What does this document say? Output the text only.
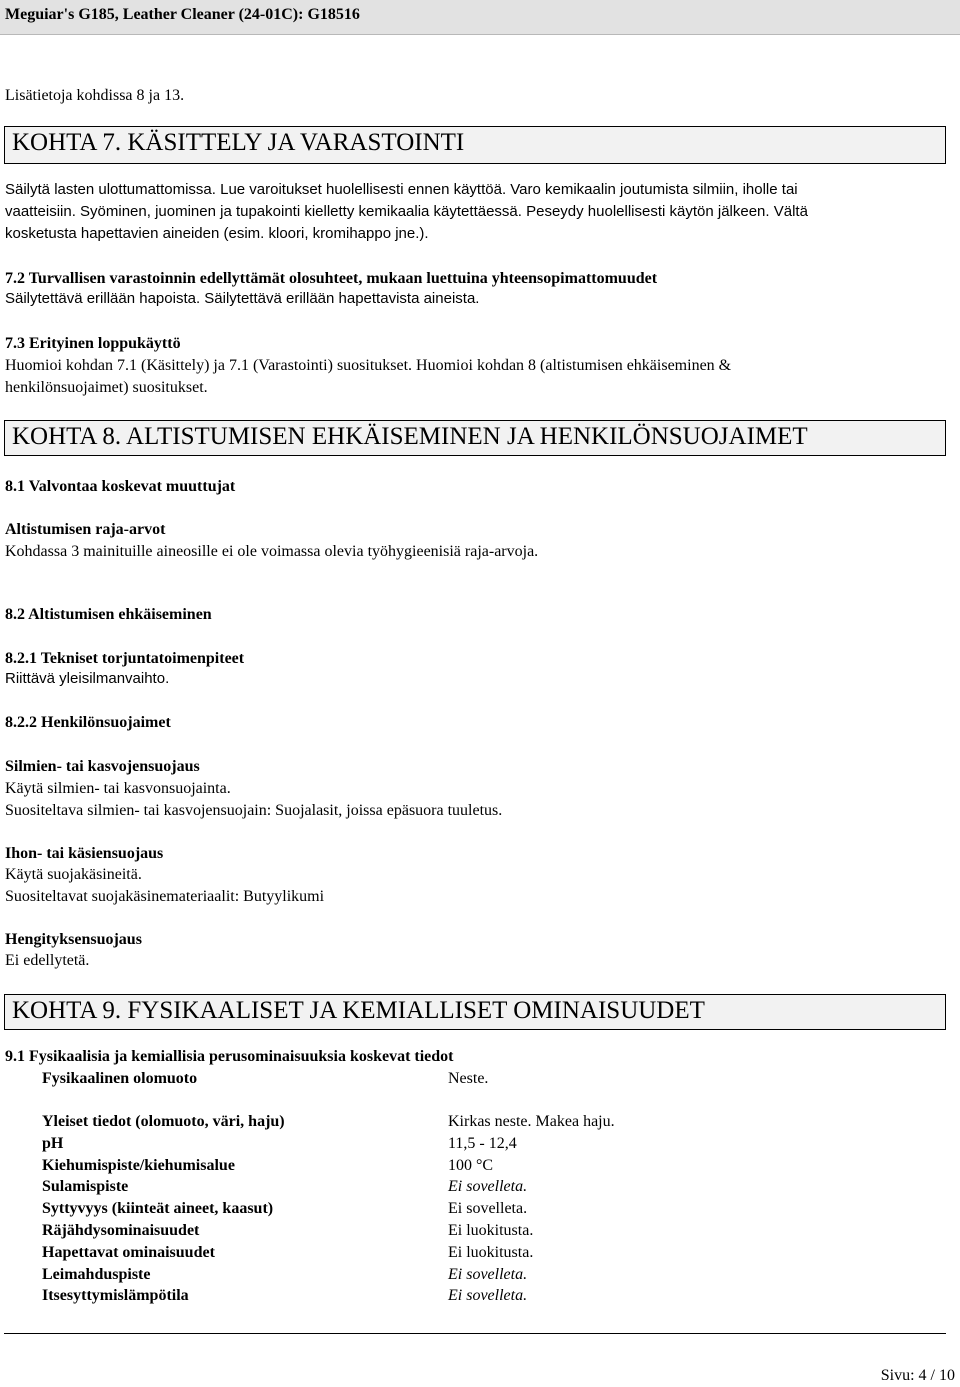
Meguiar's G185, Leather Cleaner (24-01C): G18516
Lisätietoja kohdissa 8 ja 13.
KOHTA 7. KÄSITTELY JA VARASTOINTI
Säilytä lasten ulottumattomissa. Lue varoitukset huolellisesti ennen käyttöä. Varo kemikaalin joutumista silmiin, iholle tai
vaatteisiin. Syöminen, juominen ja tupakointi kielletty kemikaalia käytettäessä. Peseydy huolellisesti käytön jälkeen. Vältä
kosketusta hapettavien aineiden (esim. kloori, kromihappo jne.).
7.2 Turvallisen varastoinnin edellyttämät olosuhteet, mukaan luettuina yhteensopimattomuudet
Säilytettävä erillään hapoista. Säilytettävä erillään hapettavista aineista.
7.3 Erityinen loppukäyttö
Huomioi kohdan 7.1 (Käsittely) ja 7.1 (Varastointi) suositukset. Huomioi kohdan 8 (altistumisen ehkäiseminen &
henkilönsuojaimet) suositukset.
KOHTA 8. ALTISTUMISEN EHKÄISEMINEN JA HENKILÖNSUOJAIMET
8.1 Valvontaa koskevat muuttujat
Altistumisen raja-arvot
Kohdassa 3 mainituille aineosille ei ole voimassa olevia työhygieenisiä raja-arvoja.
8.2 Altistumisen ehkäiseminen
8.2.1 Tekniset torjuntatoimenpiteet
Riittävä yleisilmanvaihto.
8.2.2 Henkilönsuojaimet
Silmien- tai kasvojensuojaus
Käytä silmien- tai kasvonsuojainta.
Suositeltava silmien- tai kasvojensuojain: Suojalasit, joissa epäsuora tuuletus.
Ihon- tai käsiensuojaus
Käytä suojakäsineitä.
Suositeltavat suojakäsinemateriaalit: Butyylikumi
Hengityksensuojaus
Ei edellytetä.
KOHTA 9. FYSIKAALISET JA KEMIALLISET OMINAISUUDET
9.1 Fysikaalisia ja kemiallisia perusominaisuuksia koskevat tiedot
Fysikaalinen olomuoto	Neste.
Yleiset tiedot (olomuoto, väri, haju)	Kirkas neste. Makea haju.
pH	11,5 - 12,4
Kiehumispiste/kiehumisalue	100 °C
Sulamispiste	Ei sovelleta.
Syttyvyys (kiinteät aineet, kaasut)	Ei sovelleta.
Räjähdysominaisuudet	Ei luokitusta.
Hapettavat ominaisuudet	Ei luokitusta.
Leimahduspiste	Ei sovelleta.
Itsesyttymislämpötila	Ei sovelleta.
Sivu: 4 / 10
